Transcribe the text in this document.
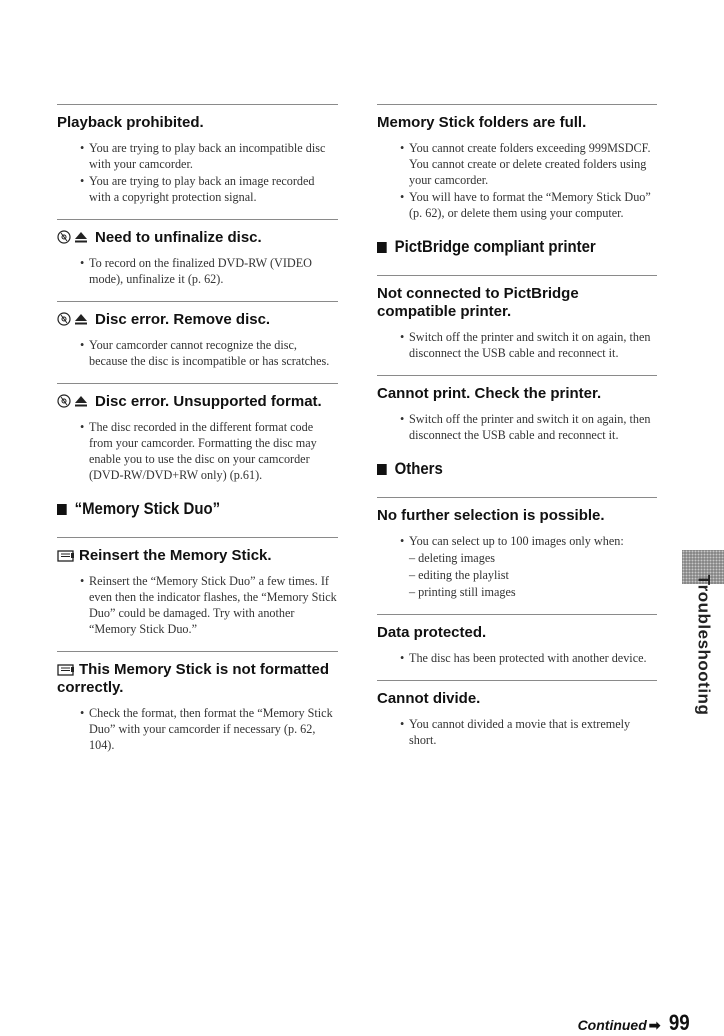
Playback prohibited.
• You are trying to play back an incompatible disc with your camcorder.
• You are trying to play back an image recorded with a copyright protection signal.
Need to unfinalize disc.
• To record on the finalized DVD-RW (VIDEO mode), unfinalize it (p. 62).
Disc error. Remove disc.
• Your camcorder cannot recognize the disc, because the disc is incompatible or has scratches.
Disc error. Unsupported format.
• The disc recorded in the different format code from your camcorder. Formatting the disc may enable you to use the disc on your camcorder (DVD-RW/DVD+RW only) (p.61).
“Memory Stick Duo”
Reinsert the Memory Stick.
• Reinsert the “Memory Stick Duo” a few times. If even then the indicator flashes, the “Memory Stick Duo” could be damaged. Try with another “Memory Stick Duo.”
This Memory Stick is not formatted correctly.
• Check the format, then format the “Memory Stick Duo” with your camcorder if necessary (p. 62, 104).
Memory Stick folders are full.
• You cannot create folders exceeding 999MSDCF. You cannot create or delete created folders using your camcorder.
• You will have to format the “Memory Stick Duo” (p. 62), or delete them using your computer.
PictBridge compliant printer
Not connected to PictBridge compatible printer.
• Switch off the printer and switch it on again, then disconnect the USB cable and reconnect it.
Cannot print. Check the printer.
• Switch off the printer and switch it on again, then disconnect the USB cable and reconnect it.
Others
No further selection is possible.
• You can select up to 100 images only when:
– deleting images
– editing the playlist
– printing still images
Data protected.
• The disc has been protected with another device.
Cannot divide.
• You cannot divided a movie that is extremely short.
Troubleshooting
Continued ➡ 99
